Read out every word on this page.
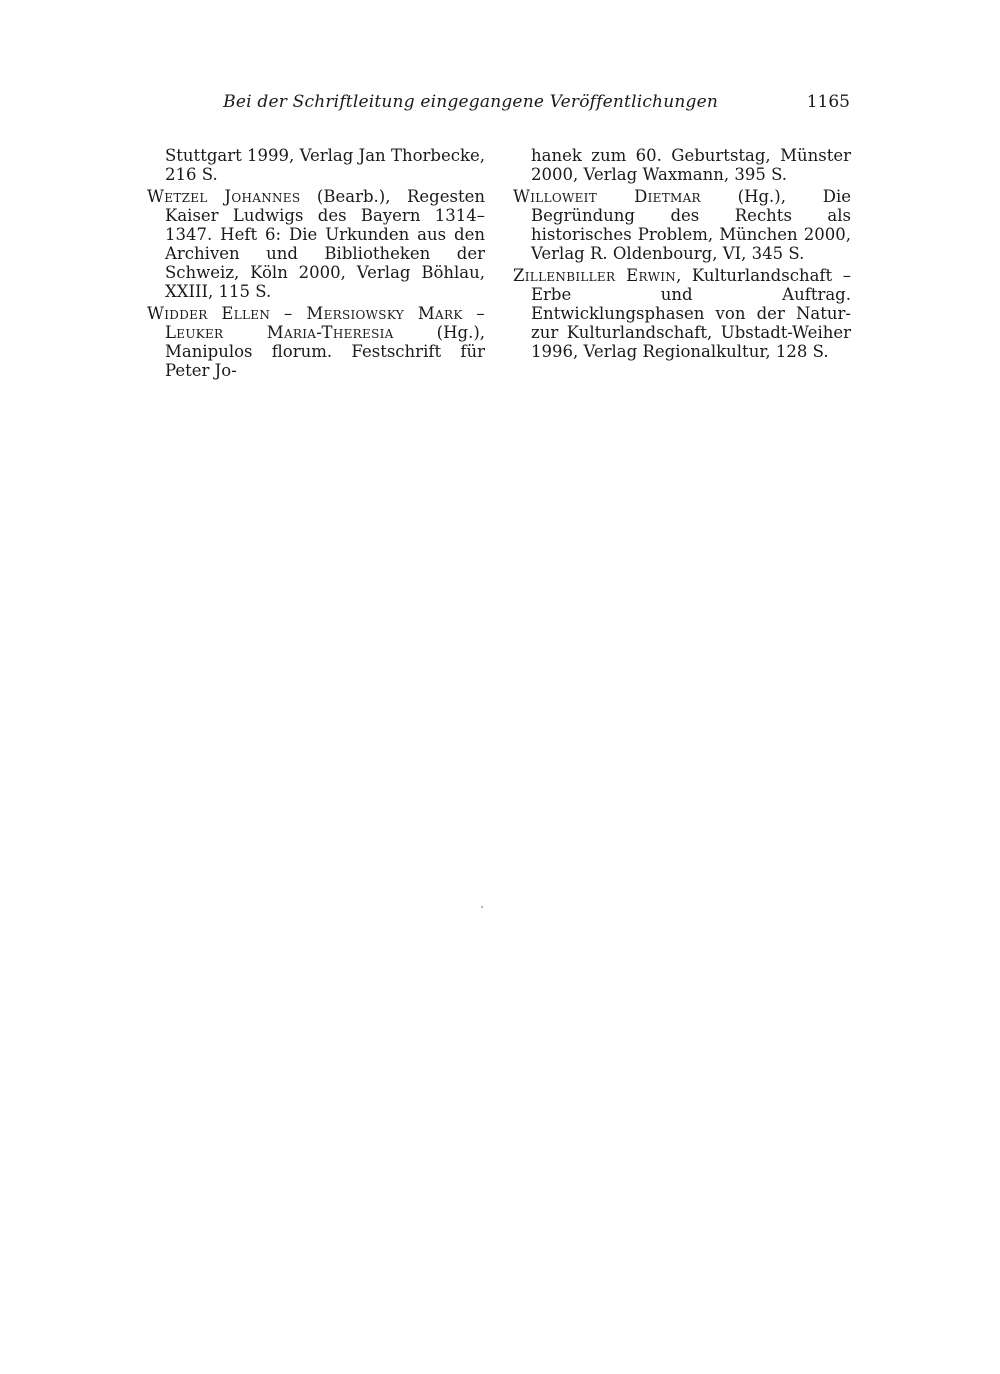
Bei der Schriftleitung eingegangene Veröffentlichungen	1165

Stuttgart 1999, Verlag Jan Thorbecke, 216 S.

Wetzel Johannes (Bearb.), Regesten Kaiser Ludwigs des Bayern 1314–1347. Heft 6: Die Urkunden aus den Archiven und Bibliotheken der Schweiz, Köln 2000, Verlag Böhlau, XXIII, 115 S.

Widder Ellen – Mersiowsky Mark – Leuker Maria-Theresia (Hg.), Manipulos florum. Festschrift für Peter Jo-

hanek zum 60. Geburtstag, Münster 2000, Verlag Waxmann, 395 S.

Willoweit Dietmar (Hg.), Die Begründung des Rechts als historisches Problem, München 2000, Verlag R. Oldenbourg, VI, 345 S.

Zillenbiller Erwin, Kulturlandschaft – Erbe und Auftrag. Entwicklungsphasen von der Natur- zur Kulturlandschaft, Ubstadt-Weiher 1996, Verlag Regionalkultur, 128 S.
